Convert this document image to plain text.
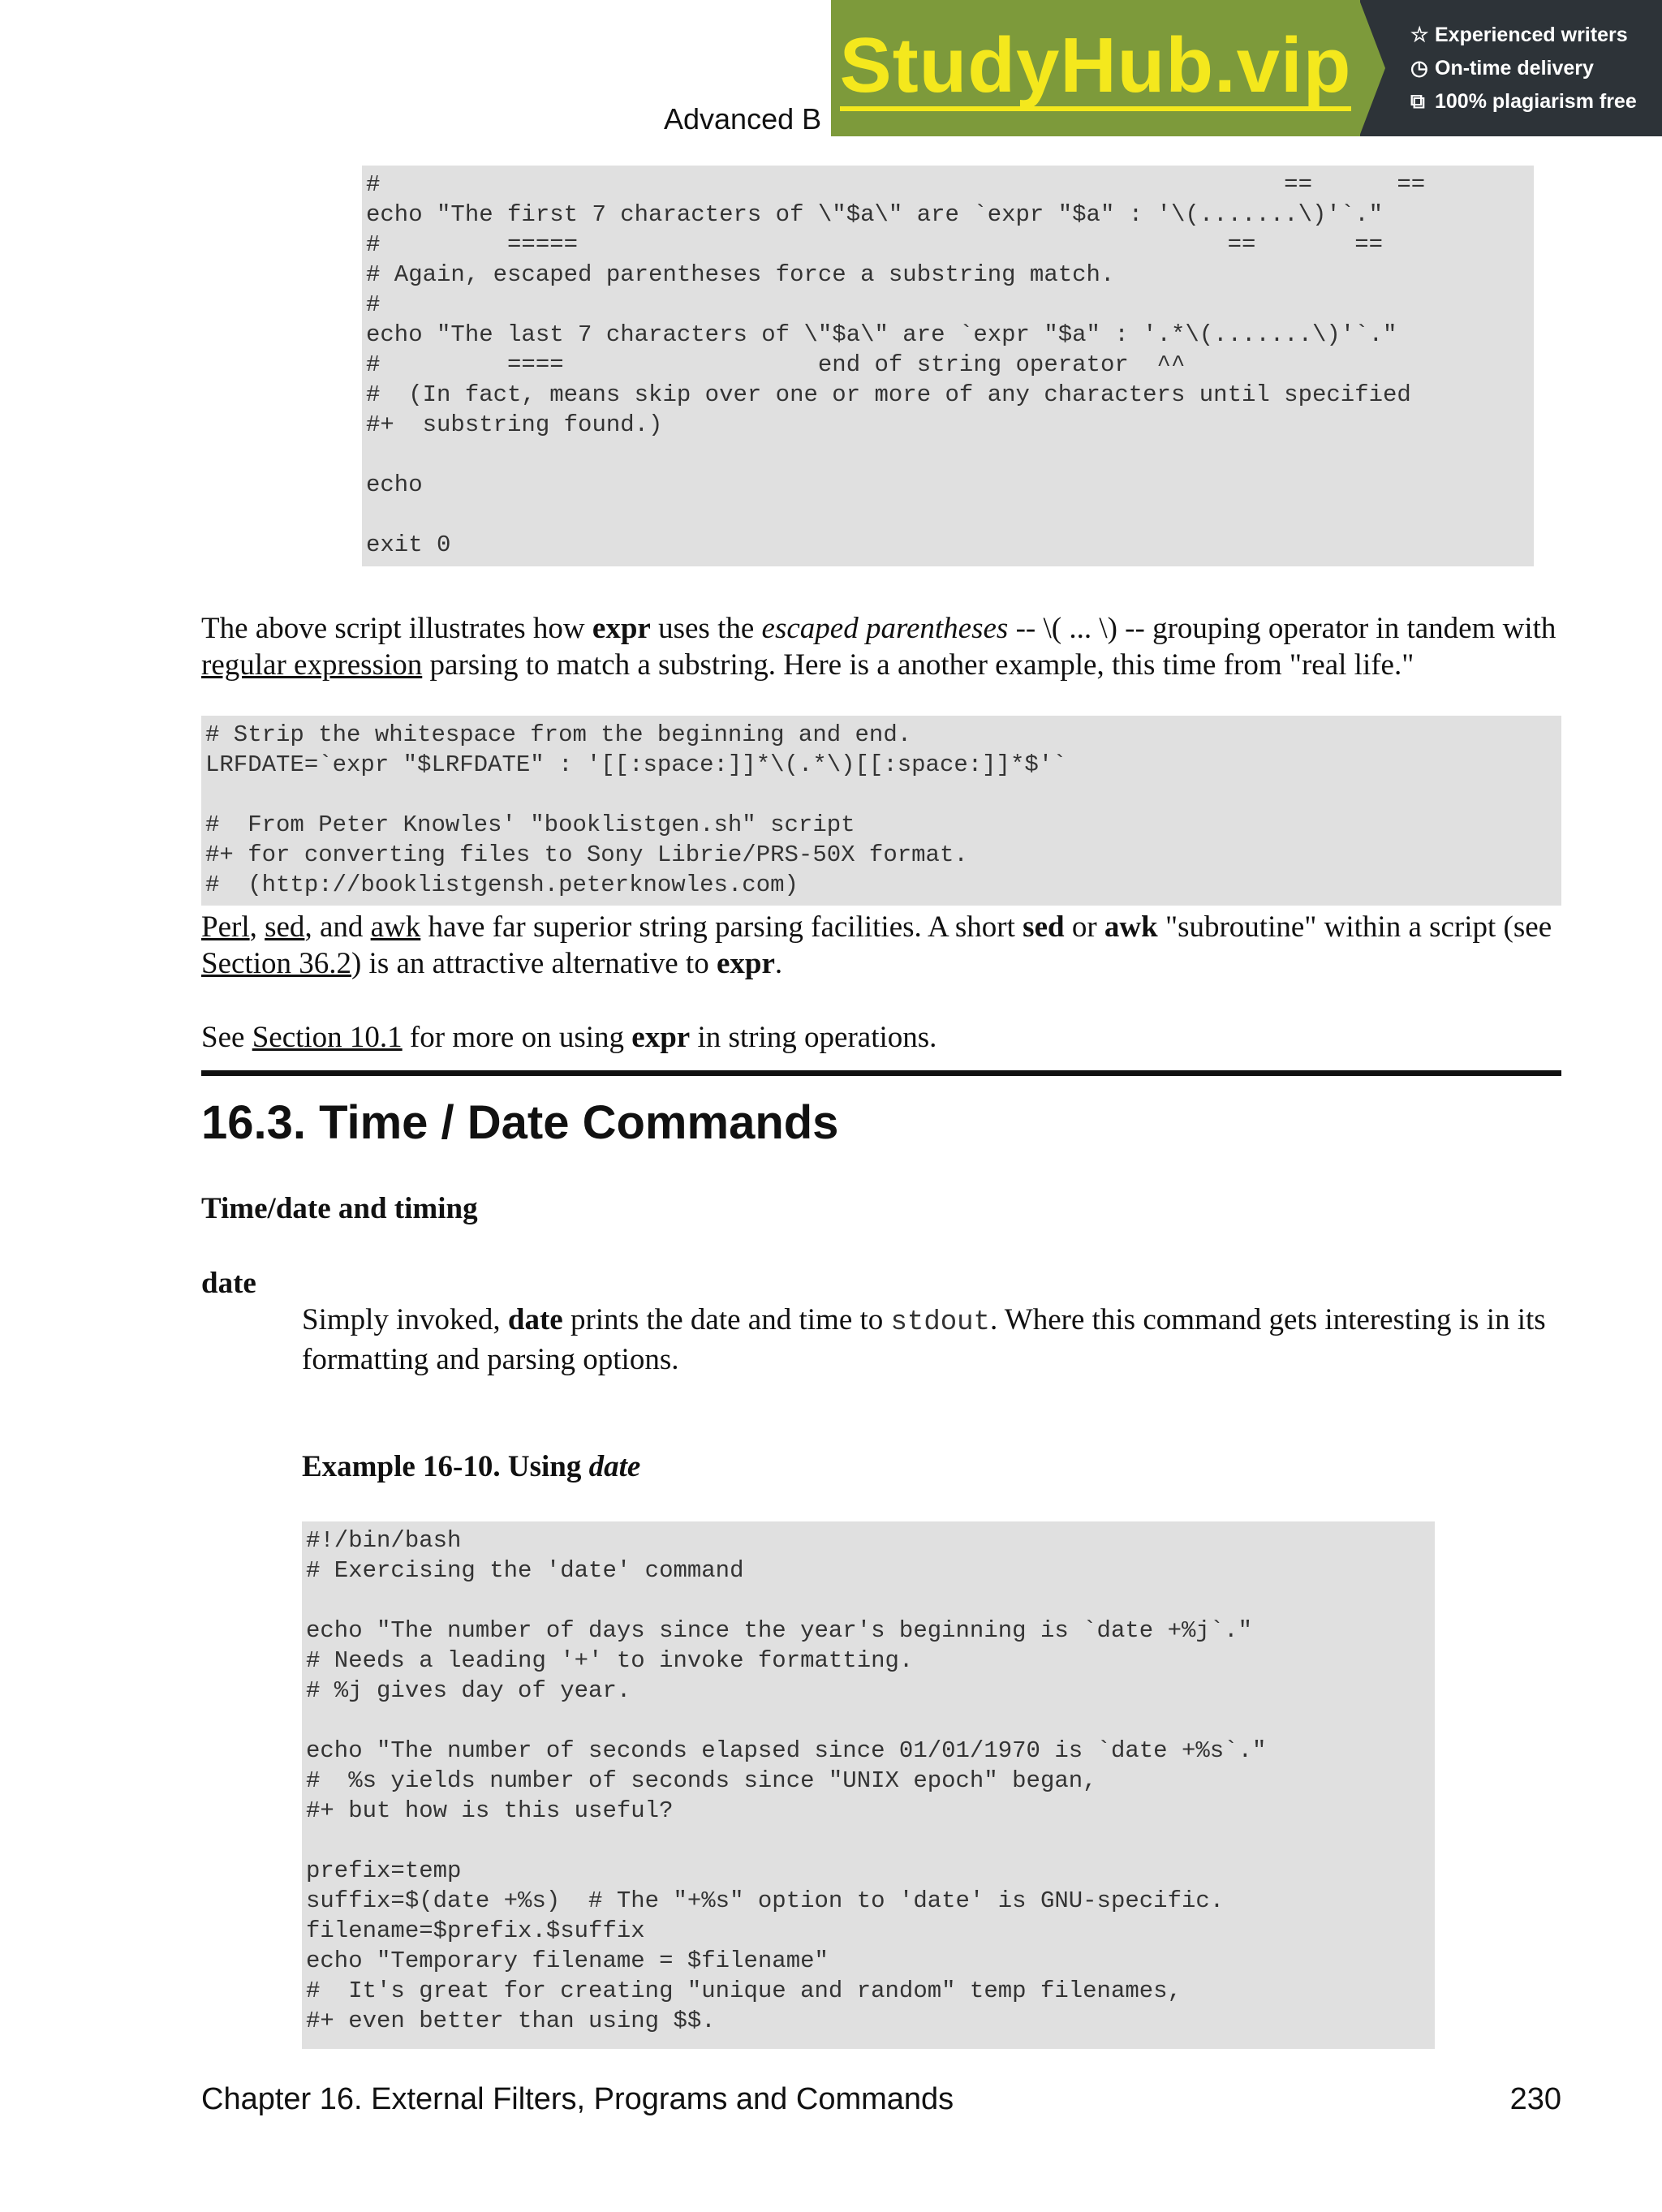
Advanced B
StudyHub.vip	☆ Experienced writers
◷ On-time delivery
⧉ 100% plagiarism free
#                                                                ==      ==
echo "The first 7 characters of \"$a\" are `expr "$a" : '\(.......\)'`."
#         =====                                              ==       ==
# Again, escaped parentheses force a substring match.
#
echo "The last 7 characters of \"$a\" are `expr "$a" : '.*\(.......\)'`."
#         ====                  end of string operator  ^^
#  (In fact, means skip over one or more of any characters until specified
#+  substring found.)
echo
exit 0
The above script illustrates how expr uses the escaped parentheses -- \( ... \) -- grouping operator in tandem with regular expression parsing to match a substring. Here is a another example, this time from "real life."
# Strip the whitespace from the beginning and end.
LRFDATE=`expr "$LRFDATE" : '[[:space:]]*\(.*\)[[:space:]]*$'`
#  From Peter Knowles' "booklistgen.sh" script
#+ for converting files to Sony Librie/PRS-50X format.
#  (http://booklistgensh.peterknowles.com)
Perl, sed, and awk have far superior string parsing facilities. A short sed or awk "subroutine" within a script (see Section 36.2) is an attractive alternative to expr.
See Section 10.1 for more on using expr in string operations.
16.3. Time / Date Commands
Time/date and timing
date
Simply invoked, date prints the date and time to stdout. Where this command gets interesting is in its formatting and parsing options.
Example 16-10. Using date
#!/bin/bash
# Exercising the 'date' command
echo "The number of days since the year's beginning is `date +%j`."
# Needs a leading '+' to invoke formatting.
# %j gives day of year.
echo "The number of seconds elapsed since 01/01/1970 is `date +%s`."
#  %s yields number of seconds since "UNIX epoch" began,
#+ but how is this useful?
prefix=temp
suffix=$(date +%s)  # The "+%s" option to 'date' is GNU-specific.
filename=$prefix.$suffix
echo "Temporary filename = $filename"
#  It's great for creating "unique and random" temp filenames,
#+ even better than using $$.
Chapter 16. External Filters, Programs and Commands	230
